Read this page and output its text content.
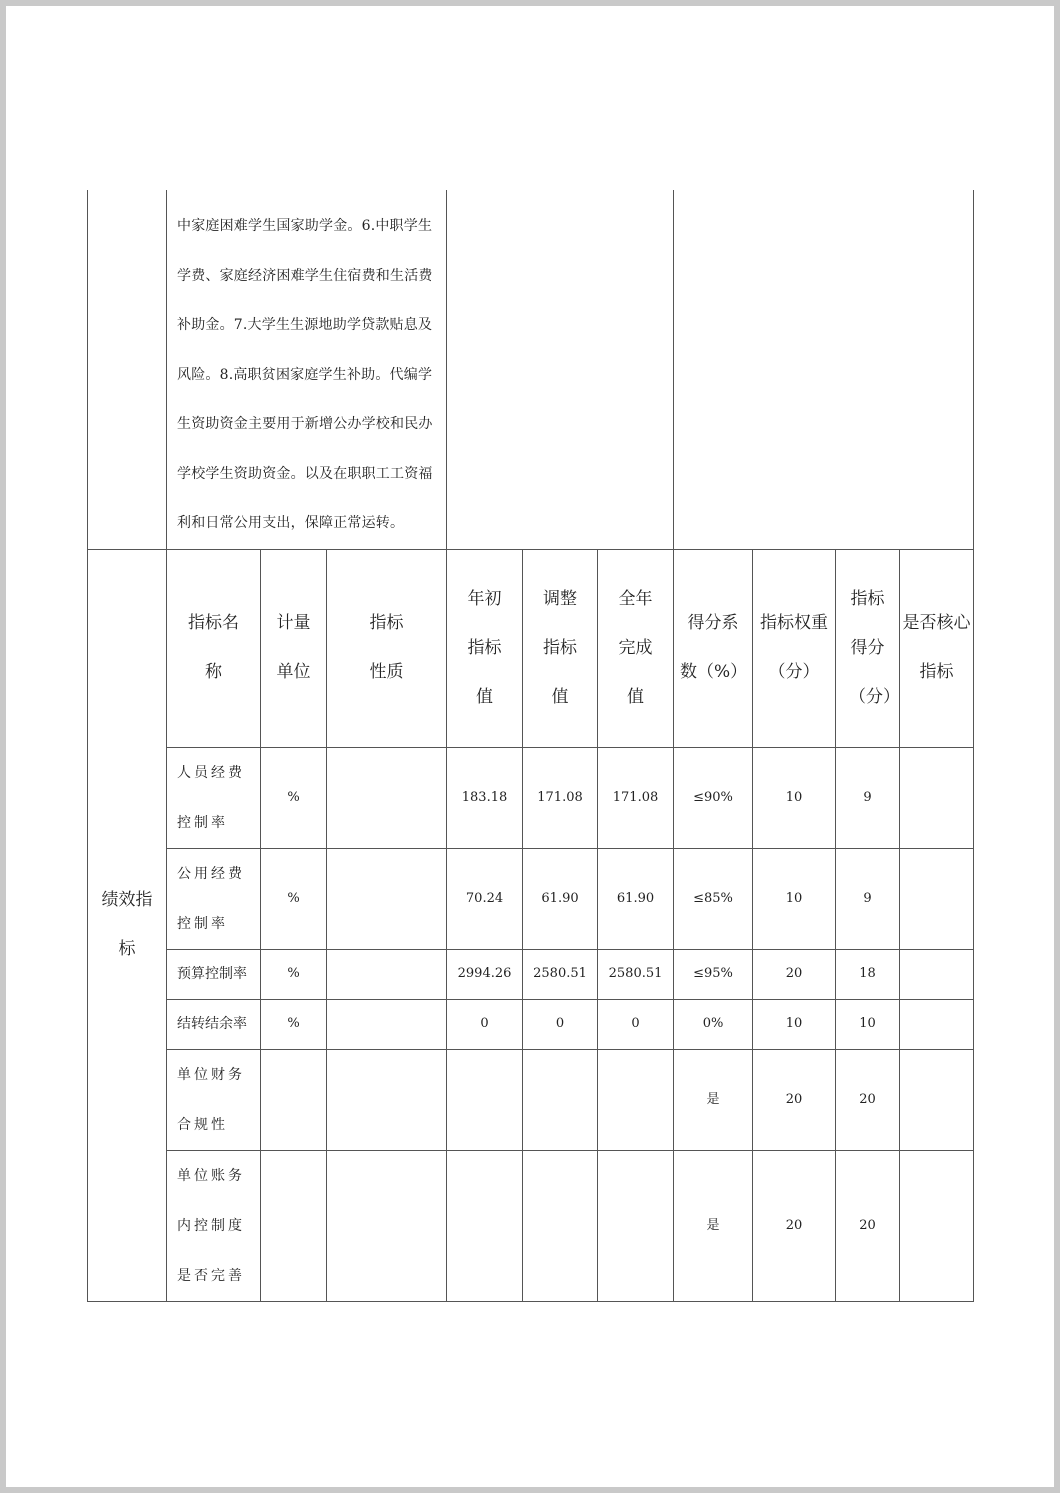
	中家庭困难学生国家助学金。6.中职学生学费、家庭经济困难学生住宿费和生活费补助金。7.大学生生源地助学贷款贴息及风险。8.高职贫困家庭学生补助。代编学生资助资金主要用于新增公办学校和民办学校学生资助资金。以及在职职工工资福利和日常公用支出，保障正常运转。									

绩效指标	指标名称	计量单位	指标性质	年初指标值	调整指标值	全年完成值	得分系数（%）	指标权重（分）	指标得分（分）	是否核心指标

	人员经费控制率	%		183.18	171.08	171.08	≤90%	10	9	
	公用经费控制率	%		70.24	61.90	61.90	≤85%	10	9	
	预算控制率	%		2994.26	2580.51	2580.51	≤95%	20	18	
	结转结余率	%		0	0	0	0%	10	10	
	单位财务合规性						是	20	20	
	单位账务内控制度是否完善						是	20	20	
